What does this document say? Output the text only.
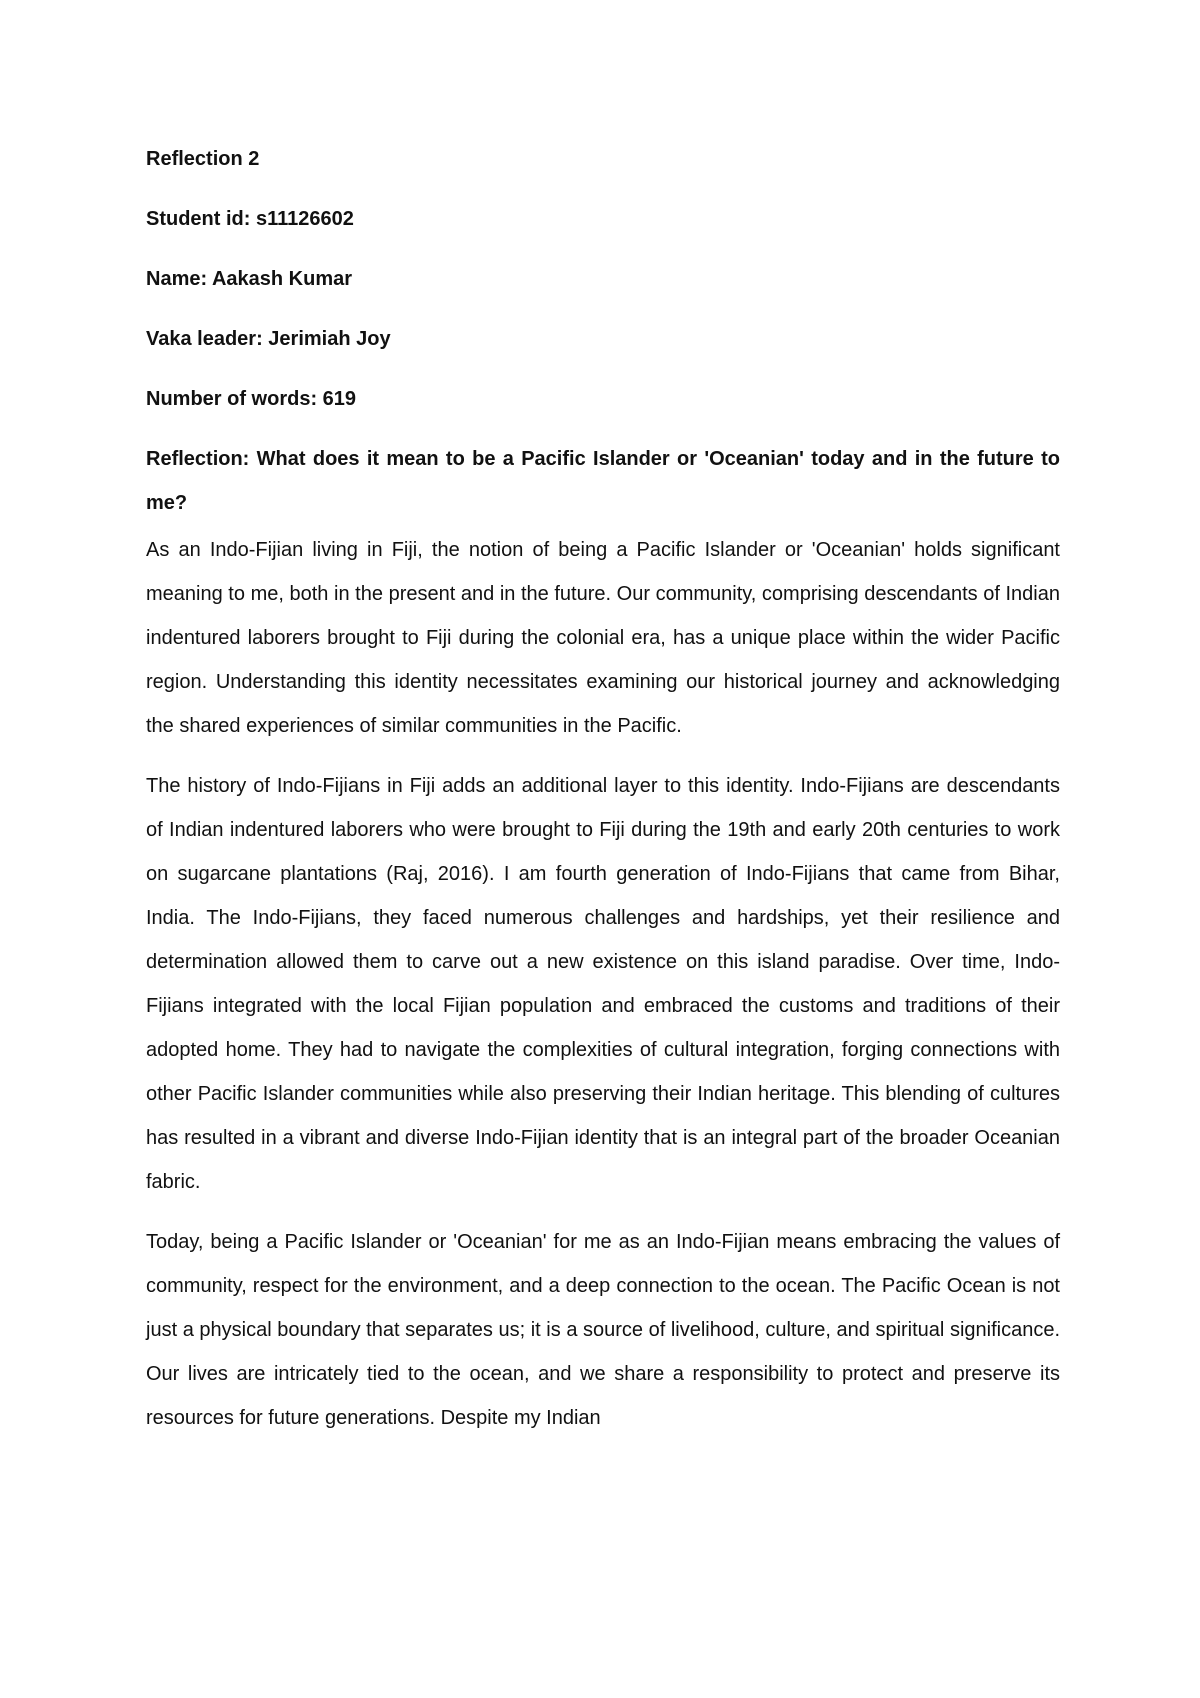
Reflection 2
Student id: s11126602
Name: Aakash Kumar
Vaka leader: Jerimiah Joy
Number of words: 619
Reflection: What does it mean to be a Pacific Islander or 'Oceanian' today and in the future to me?

As an Indo-Fijian living in Fiji, the notion of being a Pacific Islander or 'Oceanian' holds significant meaning to me, both in the present and in the future. Our community, comprising descendants of Indian indentured laborers brought to Fiji during the colonial era, has a unique place within the wider Pacific region. Understanding this identity necessitates examining our historical journey and acknowledging the shared experiences of similar communities in the Pacific.

The history of Indo-Fijians in Fiji adds an additional layer to this identity. Indo-Fijians are descendants of Indian indentured laborers who were brought to Fiji during the 19th and early 20th centuries to work on sugarcane plantations (Raj, 2016). I am fourth generation of Indo-Fijians that came from Bihar, India. The Indo-Fijians, they faced numerous challenges and hardships, yet their resilience and determination allowed them to carve out a new existence on this island paradise. Over time, Indo-Fijians integrated with the local Fijian population and embraced the customs and traditions of their adopted home. They had to navigate the complexities of cultural integration, forging connections with other Pacific Islander communities while also preserving their Indian heritage. This blending of cultures has resulted in a vibrant and diverse Indo-Fijian identity that is an integral part of the broader Oceanian fabric.

Today, being a Pacific Islander or 'Oceanian' for me as an Indo-Fijian means embracing the values of community, respect for the environment, and a deep connection to the ocean. The Pacific Ocean is not just a physical boundary that separates us; it is a source of livelihood, culture, and spiritual significance. Our lives are intricately tied to the ocean, and we share a responsibility to protect and preserve its resources for future generations. Despite my Indian
